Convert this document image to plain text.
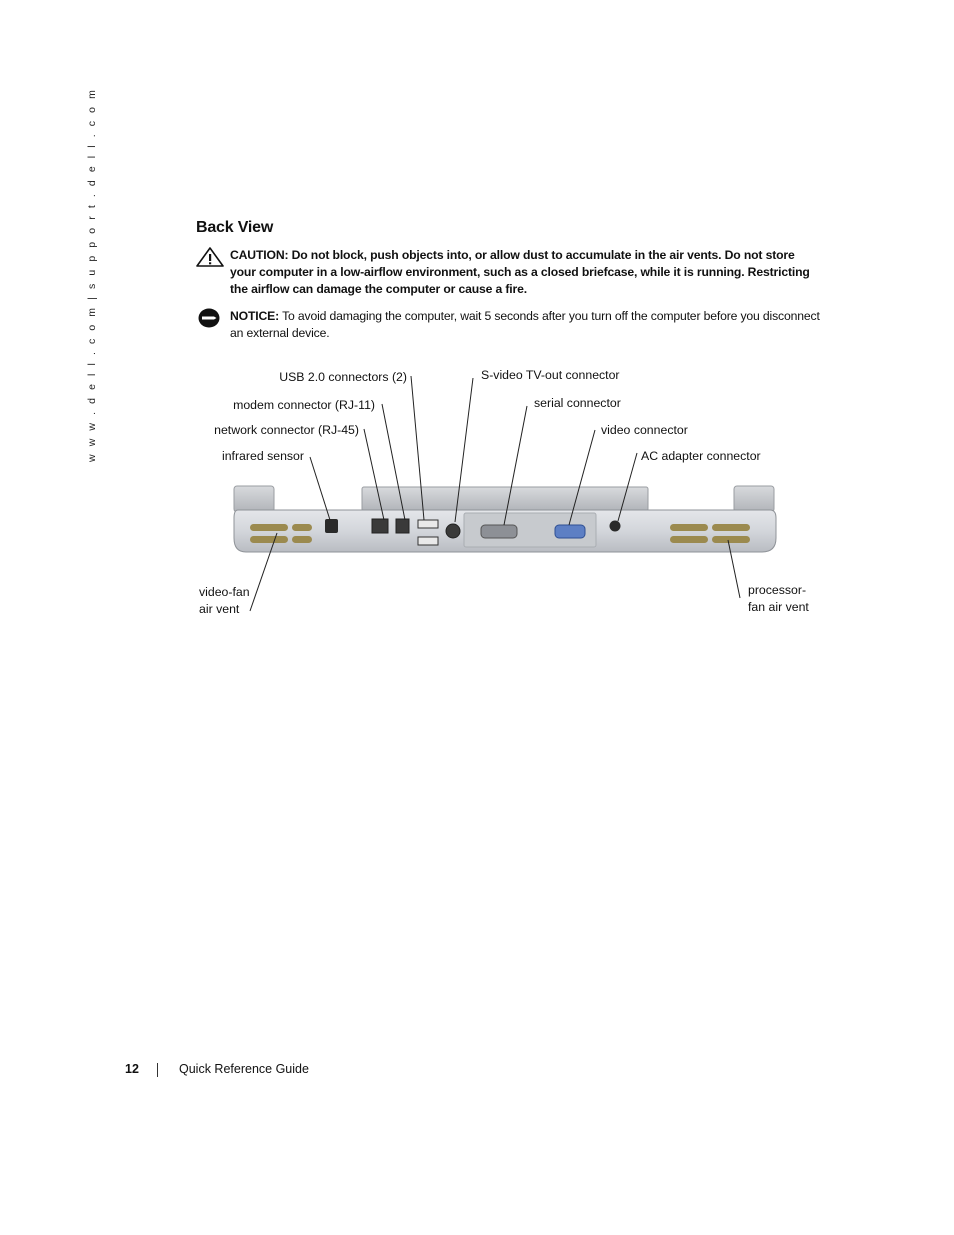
w w w . d e l l . c o m | s u p p o r t . d e l l . c o m	Back View

CAUTION: Do not block, push objects into, or allow dust to accumulate in the air vents. Do not store your computer in a low-airflow environment, such as a closed briefcase, while it is running. Restricting the airflow can damage the computer or cause a fire.

NOTICE: To avoid damaging the computer, wait 5 seconds after you turn off the computer before you disconnect an external device.

USB 2.0 connectors (2)
modem connector (RJ-11)
network connector (RJ-45)
infrared sensor
S-video TV-out connector
serial connector
video connector
AC adapter connector
video-fan
air vent
processor-
fan air vent
12	Quick Reference Guide
